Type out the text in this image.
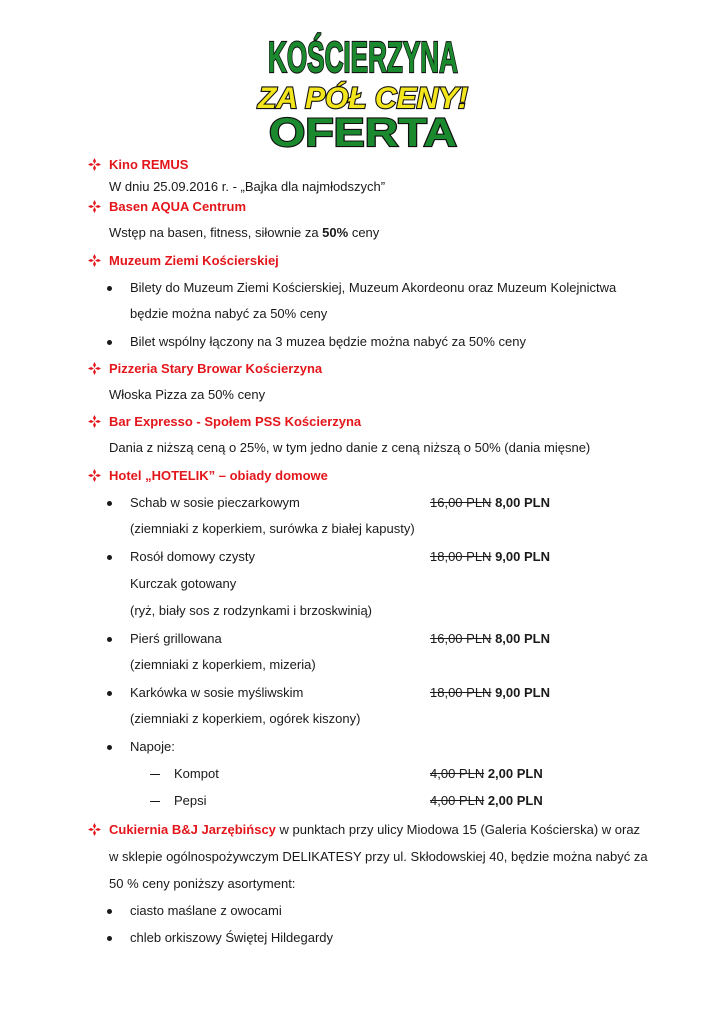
KOŚCIERZYNA
ZA PÓŁ CENY!
OFERTA
Kino REMUS
W dniu 25.09.2016 r. - „Bajka dla najmłodszych”
Basen AQUA Centrum
Wstęp na basen, fitness, siłownie za 50% ceny
Muzeum Ziemi Kościerskiej
Bilety do Muzeum Ziemi Kościerskiej, Muzeum Akordeonu oraz Muzeum Kolejnictwa
będzie można nabyć za 50% ceny
Bilet wspólny łączony na 3 muzea będzie można nabyć za 50% ceny
Pizzeria Stary Browar Kościerzyna
Włoska Pizza za 50% ceny
Bar Expresso - Społem PSS Kościerzyna
Dania z niższą ceną o 25%, w tym jedno danie z ceną niższą o 50% (dania mięsne)
Hotel „HOTELIK” – obiady domowe
Schab w sosie pieczarkowym	16,00 PLN 8,00 PLN
(ziemniaki z koperkiem, surówka z białej kapusty)
Rosół domowy czysty	18,00 PLN 9,00 PLN
Kurczak gotowany
(ryż, biały sos z rodzynkami i brzoskwinią)
Pierś grillowana	16,00 PLN 8,00 PLN
(ziemniaki z koperkiem, mizeria)
Karkówka w sosie myśliwskim	18,00 PLN 9,00 PLN
(ziemniaki z koperkiem, ogórek kiszony)
Napoje:
Kompot	4,00 PLN 2,00 PLN
Pepsi	4,00 PLN 2,00 PLN
Cukiernia B&J Jarzębińscy w punktach przy ulicy Miodowa 15 (Galeria Kościerska) w oraz
w sklepie ogólnospożywczym DELIKATESY przy ul. Skłodowskiej 40, będzie można nabyć za
50 % ceny poniższy asortyment:
ciasto maślane z owocami
chleb orkiszowy Świętej Hildegardy
